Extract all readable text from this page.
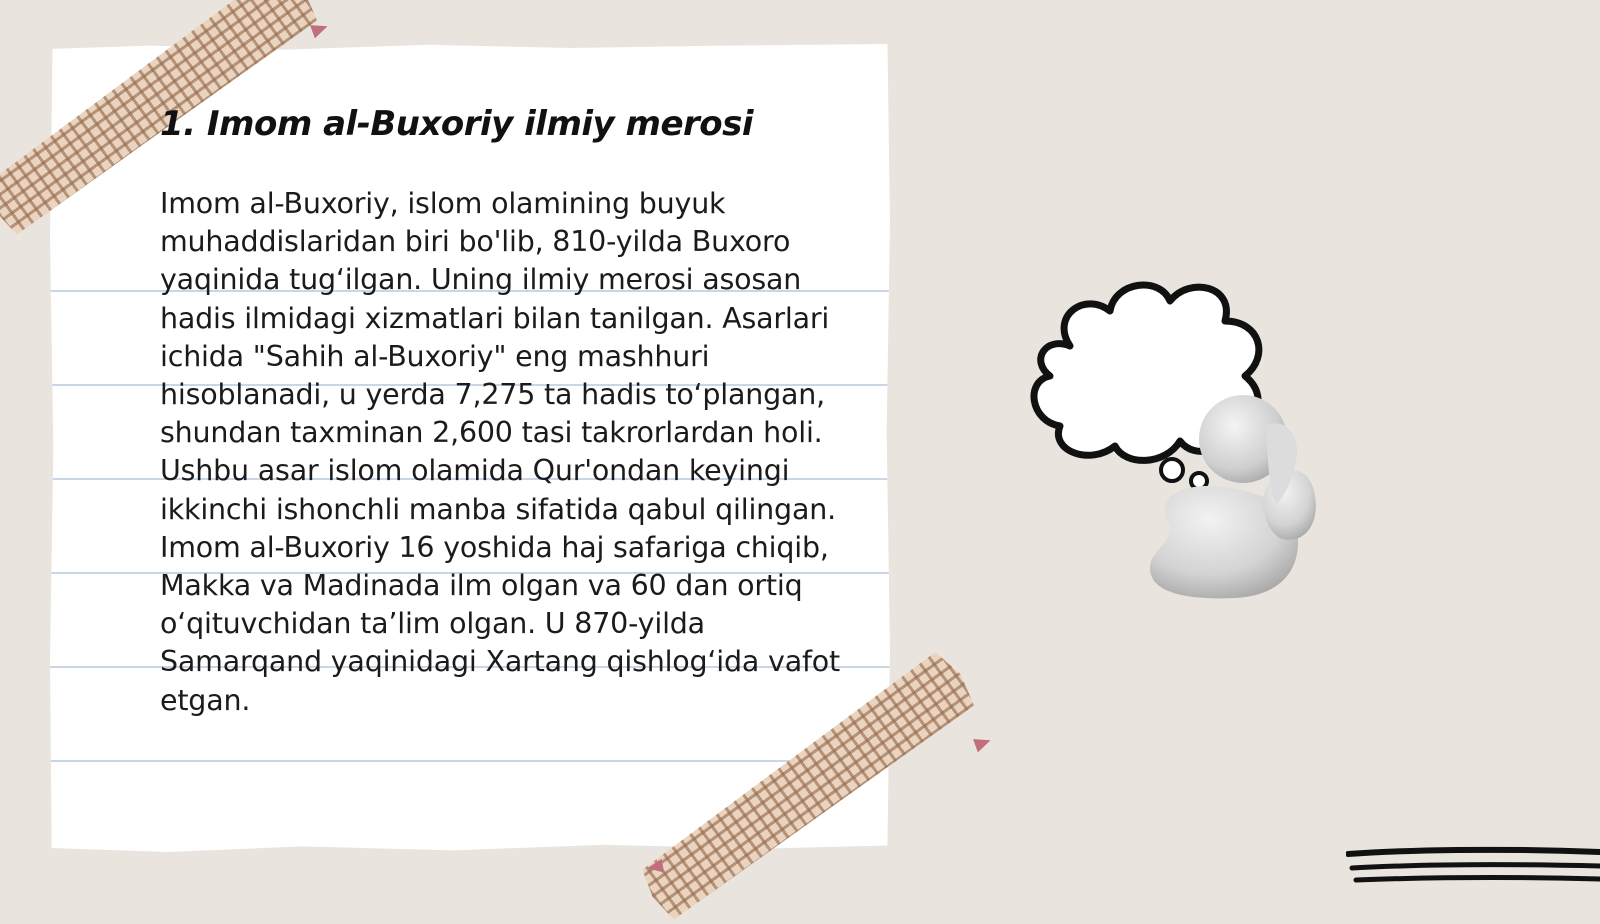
1. Imom al-Buxoriy ilmiy merosi

Imom al-Buxoriy, islom olamining buyuk muhaddislaridan biri bo'lib, 810-yilda Buxoro yaqinida tug‘ilgan. Uning ilmiy merosi asosan hadis ilmidagi xizmatlari bilan tanilgan. Asarlari ichida "Sahih al-Buxoriy" eng mashhuri hisoblanadi, u yerda 7,275 ta hadis to‘plangan, shundan taxminan 2,600 tasi takrorlardan holi. Ushbu asar islom olamida Qur'ondan keyingi ikkinchi ishonchli manba sifatida qabul qilingan. Imom al-Buxoriy 16 yoshida haj safariga chiqib, Makka va Madinada ilm olgan va 60 dan ortiq o‘qituvchidan ta’lim olgan. U 870-yilda Samarqand yaqinidagi Xartang qishlog‘ida vafot etgan.
